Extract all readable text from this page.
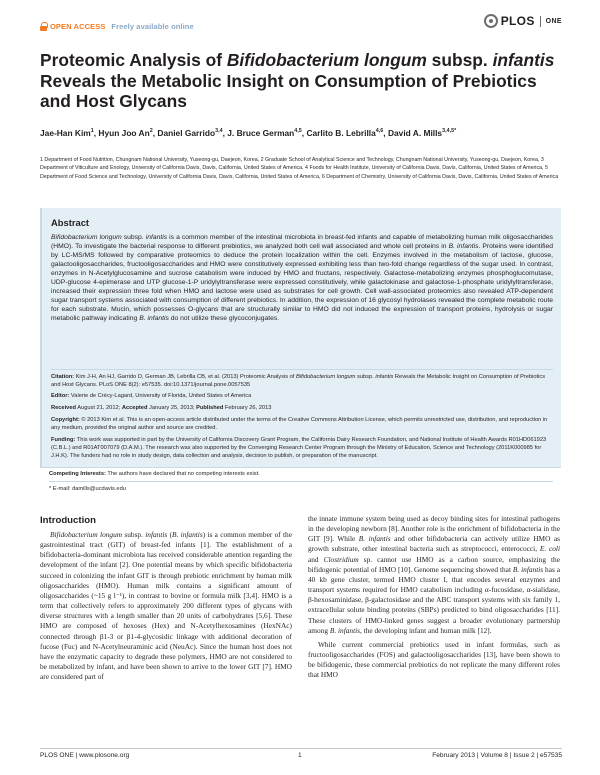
OPEN ACCESS Freely available online	PLOS ONE
Proteomic Analysis of Bifidobacterium longum subsp. infantis Reveals the Metabolic Insight on Consumption of Prebiotics and Host Glycans
Jae-Han Kim$^1$, Hyun Joo An$^2$, Daniel Garrido$^{3,4}$, J. Bruce German$^{4,5}$, Carlito B. Lebrilla$^{4,6}$, David A. Mills$^{3,4,5*}$

1 Department of Food Nutrition, Chungnam National University, Yuseong-gu, Daejeon, Korea, 2 Graduate School of Analytical Science and Technology, Chungnam National University, Yuseong-gu, Daejeon, Korea, 3 Department of Viticulture and Enology, University of California Davis, Davis, California, United States of America, 4 Foods for Health Institute, University of California Davis, Davis, California, United States of America, 5 Department of Food Science and Technology, University of California Davis, Davis, California, United States of America, 6 Department of Chemistry, University of California Davis, Davis, California, United States of America

Abstract

Bifidobacterium longum subsp. infantis is a common member of the intestinal microbiota in breast-fed infants and capable of metabolizing human milk oligosaccharides (HMO). To investigate the bacterial response to different prebiotics, we analyzed both cell wall associated and whole cell proteins in B. infantis. Proteins were identified by LC-MS/MS followed by comparative proteomics to deduce the protein localization within the cell. Enzymes involved in the metabolism of lactose, glucose, galactooligosaccharides, fructooligosaccharides and HMO were constitutively expressed exhibiting less than two-fold change regardless of the sugar used. In contrast, enzymes in N-Acetylglucosamine and sucrose catabolism were induced by HMO and fructans, respectively. Galactose-metabolizing enzymes phosphoglucomutase, UDP-glucose 4-epimerase and UTP glucose-1-P uridylyltransferase were expressed constitutively, while galactokinase and galactose-1-phosphate uridylyltransferase, increased their expression three fold when HMO and lactose were used as substrates for cell growth. Cell wall-associated proteomics also revealed ATP-dependent sugar transport systems associated with consumption of different prebiotics. In addition, the expression of 16 glycosyl hydrolases revealed the complete metabolic route for each substrate. Mucin, which possesses O-glycans that are structurally similar to HMO did not induced the expression of transport proteins, hydrolysis or sugar metabolic pathway indicating B. infantis do not utilize these glycoconjugates.

Citation: Kim J-H, An HJ, Garrido D, German JB, Lebrilla CB, et al. (2013) Proteomic Analysis of Bifidobacterium longum subsp. infantis Reveals the Metabolic Insight on Consumption of Prebiotics and Host Glycans. PLoS ONE 8(2): e57535. doi:10.1371/journal.pone.0057535

Editor: Valerie de Crécy-Lagard, University of Florida, United States of America

Received August 21, 2012; Accepted January 25, 2013; Published February 26, 2013

Copyright: © 2013 Kim et al. This is an open-access article distributed under the terms of the Creative Commons Attribution License, which permits unrestricted use, distribution, and reproduction in any medium, provided the original author and source are credited.

Funding: This work was supported in part by the University of California Discovery Grant Program, the California Dairy Research Foundation, and National Institute of Health Awards R01HD061923 (C.B.L.) and R01AT007079 (D.A.M.). The research was also supported by the Converging Research Center Program through the Ministry of Education, Science and Technology (2011K000985 for J.H.K). The funders had no role in study design, data collection and analysis, decision to publish, or preparation of the manuscript.

Competing Interests: The authors have declared that no competing interests exist.

* E-mail: damills@ucdavis.edu

Introduction

Bifidobacterium longum subsp. infantis (B. infantis) is a common member of the gastrointestinal tract (GIT) of breast-fed infants [1]. The establishment of a bifidobacteria-dominant microbiota has received considerable attention regarding the development of the infant [2]. One potential means by which specific bifidobacteria succeed in colonizing the infant GIT is through prebiotic enrichment by human milk oligosaccharides (HMO). Human milk contains a significant amount of oligosaccharides (~15 g l⁻¹), in contrast to bovine or formula milk [3,4]. HMO is a term that collectively refers to approximately 200 different types of glycans with diverse structures with a length smaller than 20 units of carbohydrates [5,6]. These HMO are composed of hexoses (Hex) and N-Acetylhexosamines (HexNAc) connected through β1-3 or β1-4-glycosidic linkage with additional decoration of fucose (Fuc) and N-Acetylneuraminic acid (NeuAc). Since the human host does not have the enzymatic capacity to degrade these polymers, HMO are not considered to be metabolized by infant, and have been shown to arrive to the lower GIT [7]. HMO are considered part of

the innate immune system being used as decoy binding sites for intestinal pathogens in the developing newborn [8]. Another role is the enrichment of bifidobacteria in the GIT [9]. While B. infantis and other bifidobacteria can actively utilize HMO as growth substrate, other intestinal bacteria such as streptococci, enterococci, E. coli and Clostridium sp. cannot use HMO as a carbon source, emphasizing the bifidogenic potential of HMO [10]. Genome sequencing showed that B. infantis has a 40 kb gene cluster, termed HMO cluster I, that encodes several enzymes and transport systems required for HMO catabolism including α-fucosidase, α-sialidase, β-hexosaminidase, β-galactosidase and the ABC transport systems with six family 1, extracellular solute binding proteins (SBPs) predicted to bind oligosaccharides [11]. These clusters of HMO-linked genes suggest a broader evolutionary partnership among B. infantis, the developing infant and human milk [12].

While current commercial prebiotics used in infant formulas, such as fructooligosaccharides (FOS) and galactooligosaccharides [13], have been shown to be bifidogenic, these commercial prebiotics do not replicate the many different roles that HMO

PLOS ONE | www.plosone.org	1	February 2013 | Volume 8 | Issue 2 | e57535
